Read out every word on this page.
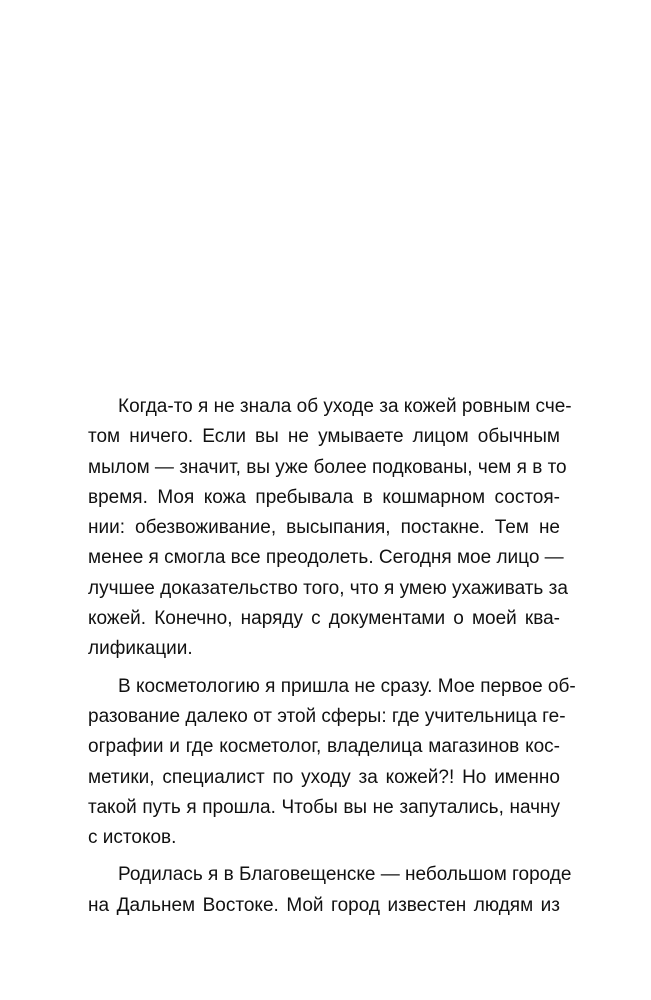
Когда-то я не знала об уходе за кожей ровным сче-
том ничего. Если вы не умываете лицом обычным
мылом — значит, вы уже более подкованы, чем я в то
время. Моя кожа пребывала в кошмарном состоя-
нии: обезвоживание, высыпания, постакне. Тем не
менее я смогла все преодолеть. Сегодня мое лицо —
лучшее доказательство того, что я умею ухаживать за
кожей. Конечно, наряду с документами о моей ква-
лификации.

В косметологию я пришла не сразу. Мое первое об-
разование далеко от этой сферы: где учительница ге-
ографии и где косметолог, владелица магазинов кос-
метики, специалист по уходу за кожей?! Но именно
такой путь я прошла. Чтобы вы не запутались, начну
с истоков.

Родилась я в Благовещенске — небольшом городе
на Дальнем Востоке. Мой город известен людям из
